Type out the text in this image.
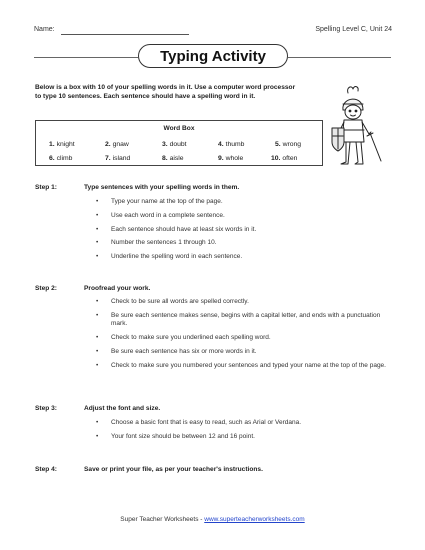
Name:	Spelling Level C, Unit 24
Typing Activity
Below is a box with 10 of your spelling words in it. Use a computer word processor to type 10 sentences. Each sentence should have a spelling word in it.
Word Box
1. knight	2. gnaw	3. doubt	4. thumb	5. wrong
6. climb	7. island	8. aisle	9. whole	10. often
Step 1:	Type sentences with your spelling words in them.
• Type your name at the top of the page.
• Use each word in a complete sentence.
• Each sentence should have at least six words in it.
• Number the sentences 1 through 10.
• Underline the spelling word in each sentence.
Step 2:	Proofread your work.
• Check to be sure all words are spelled correctly.
• Be sure each sentence makes sense, begins with a capital letter, and ends with a punctuation mark.
• Check to make sure you underlined each spelling word.
• Be sure each sentence has six or more words in it.
• Check to make sure you numbered your sentences and typed your name at the top of the page.
Step 3:	Adjust the font and size.
• Choose a basic font that is easy to read, such as Arial or Verdana.
• Your font size should be between 12 and 16 point.
Step 4:	Save or print your file, as per your teacher's instructions.
Super Teacher Worksheets - www.superteacherworksheets.com
